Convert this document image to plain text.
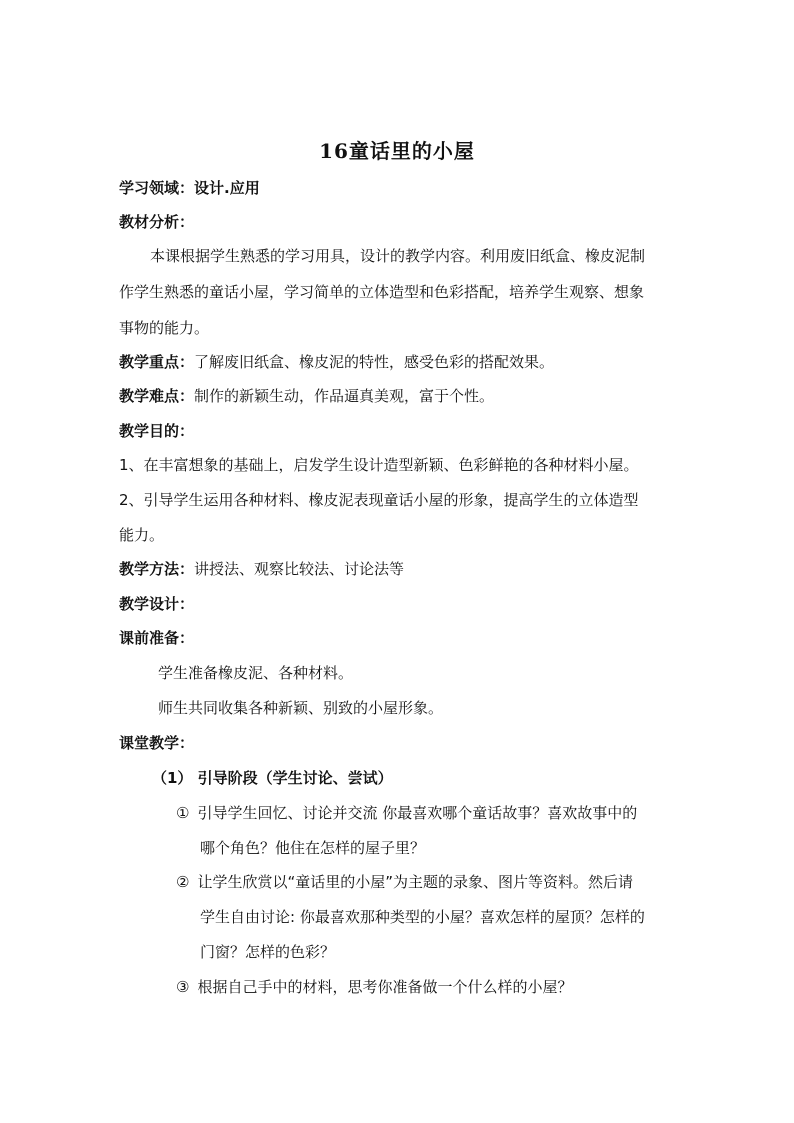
16童话里的小屋
学习领域：设计.应用
教材分析：
本课根据学生熟悉的学习用具，设计的教学内容。利用废旧纸盒、橡皮泥制
作学生熟悉的童话小屋，学习简单的立体造型和色彩搭配，培养学生观察、想象
事物的能力。
教学重点：了解废旧纸盒、橡皮泥的特性，感受色彩的搭配效果。
教学难点：制作的新颖生动，作品逼真美观，富于个性。
教学目的：
1、在丰富想象的基础上，启发学生设计造型新颖、色彩鲜艳的各种材料小屋。
2、引导学生运用各种材料、橡皮泥表现童话小屋的形象，提高学生的立体造型
能力。
教学方法：讲授法、观察比较法、讨论法等
教学设计：
课前准备：
学生准备橡皮泥、各种材料。
师生共同收集各种新颖、别致的小屋形象。
课堂教学：
（1） 引导阶段（学生讨论、尝试）
① 引导学生回忆、讨论并交流 你最喜欢哪个童话故事？喜欢故事中的
哪个角色？他住在怎样的屋子里？
② 让学生欣赏以“童话里的小屋”为主题的录象、图片等资料。然后请
学生自由讨论: 你最喜欢那种类型的小屋？喜欢怎样的屋顶？怎样的
门窗？怎样的色彩？
③ 根据自己手中的材料，思考你准备做一个什么样的小屋？
